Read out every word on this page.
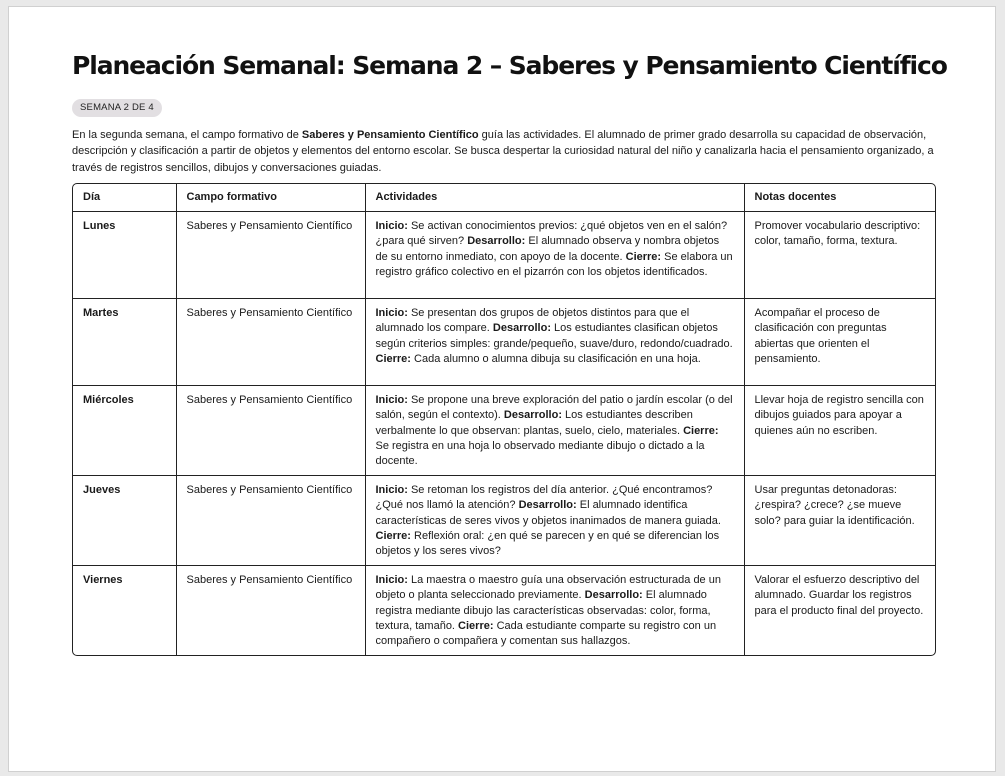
Planeación Semanal: Semana 2 – Saberes y Pensamiento Científico
SEMANA 2 DE 4

En la segunda semana, el campo formativo de Saberes y Pensamiento Científico guía las actividades. El alumnado de primer grado desarrolla su capacidad de observación, descripción y clasificación a partir de objetos y elementos del entorno escolar. Se busca despertar la curiosidad natural del niño y canalizarla hacia el pensamiento organizado, a través de registros sencillos, dibujos y conversaciones guiadas.

Día	Campo formativo	Actividades	Notas docentes
Lunes	Saberes y Pensamiento Científico	Inicio: Se activan conocimientos previos: ¿qué objetos ven en el salón? ¿para qué sirven? Desarrollo: El alumnado observa y nombra objetos de su entorno inmediato, con apoyo de la docente. Cierre: Se elabora un registro gráfico colectivo en el pizarrón con los objetos identificados.	Promover vocabulario descriptivo: color, tamaño, forma, textura.
Martes	Saberes y Pensamiento Científico	Inicio: Se presentan dos grupos de objetos distintos para que el alumnado los compare. Desarrollo: Los estudiantes clasifican objetos según criterios simples: grande/pequeño, suave/duro, redondo/cuadrado. Cierre: Cada alumno o alumna dibuja su clasificación en una hoja.	Acompañar el proceso de clasificación con preguntas abiertas que orienten el pensamiento.
Miércoles	Saberes y Pensamiento Científico	Inicio: Se propone una breve exploración del patio o jardín escolar (o del salón, según el contexto). Desarrollo: Los estudiantes describen verbalmente lo que observan: plantas, suelo, cielo, materiales. Cierre: Se registra en una hoja lo observado mediante dibujo o dictado a la docente.	Llevar hoja de registro sencilla con dibujos guiados para apoyar a quienes aún no escriben.
Jueves	Saberes y Pensamiento Científico	Inicio: Se retoman los registros del día anterior. ¿Qué encontramos? ¿Qué nos llamó la atención? Desarrollo: El alumnado identifica características de seres vivos y objetos inanimados de manera guiada. Cierre: Reflexión oral: ¿en qué se parecen y en qué se diferencian los objetos y los seres vivos?	Usar preguntas detonadoras: ¿respira? ¿crece? ¿se mueve solo? para guiar la identificación.
Viernes	Saberes y Pensamiento Científico	Inicio: La maestra o maestro guía una observación estructurada de un objeto o planta seleccionado previamente. Desarrollo: El alumnado registra mediante dibujo las características observadas: color, forma, textura, tamaño. Cierre: Cada estudiante comparte su registro con un compañero o compañera y comentan sus hallazgos.	Valorar el esfuerzo descriptivo del alumnado. Guardar los registros para el producto final del proyecto.
